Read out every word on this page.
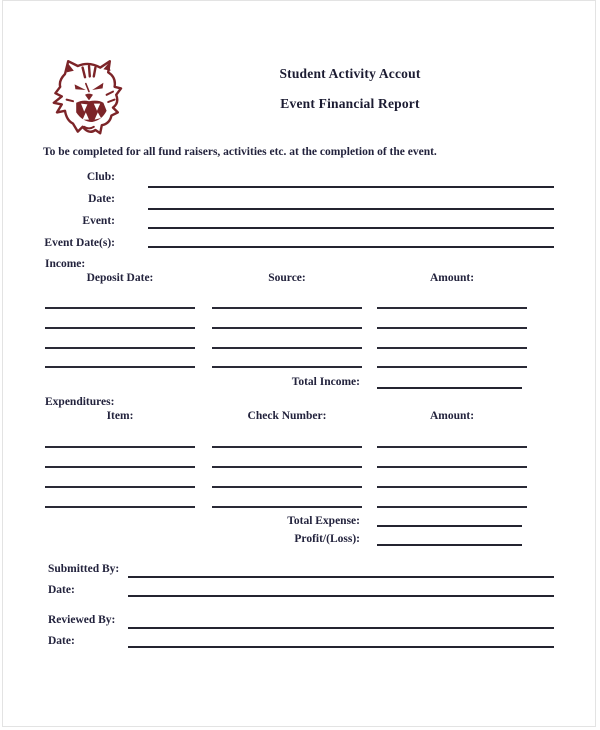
Student Activity Accout
Event Financial Report
To be completed for all fund raisers, activities etc. at the completion of the event.
Club:
Date:
Event:
Event Date(s):
Income:
Deposit Date:	Source:	Amount:
Total Income:
Expenditures:
Item:	Check Number:	Amount:
Total Expense:
Profit/(Loss):
Submitted By:
Date:
Reviewed By:
Date:
